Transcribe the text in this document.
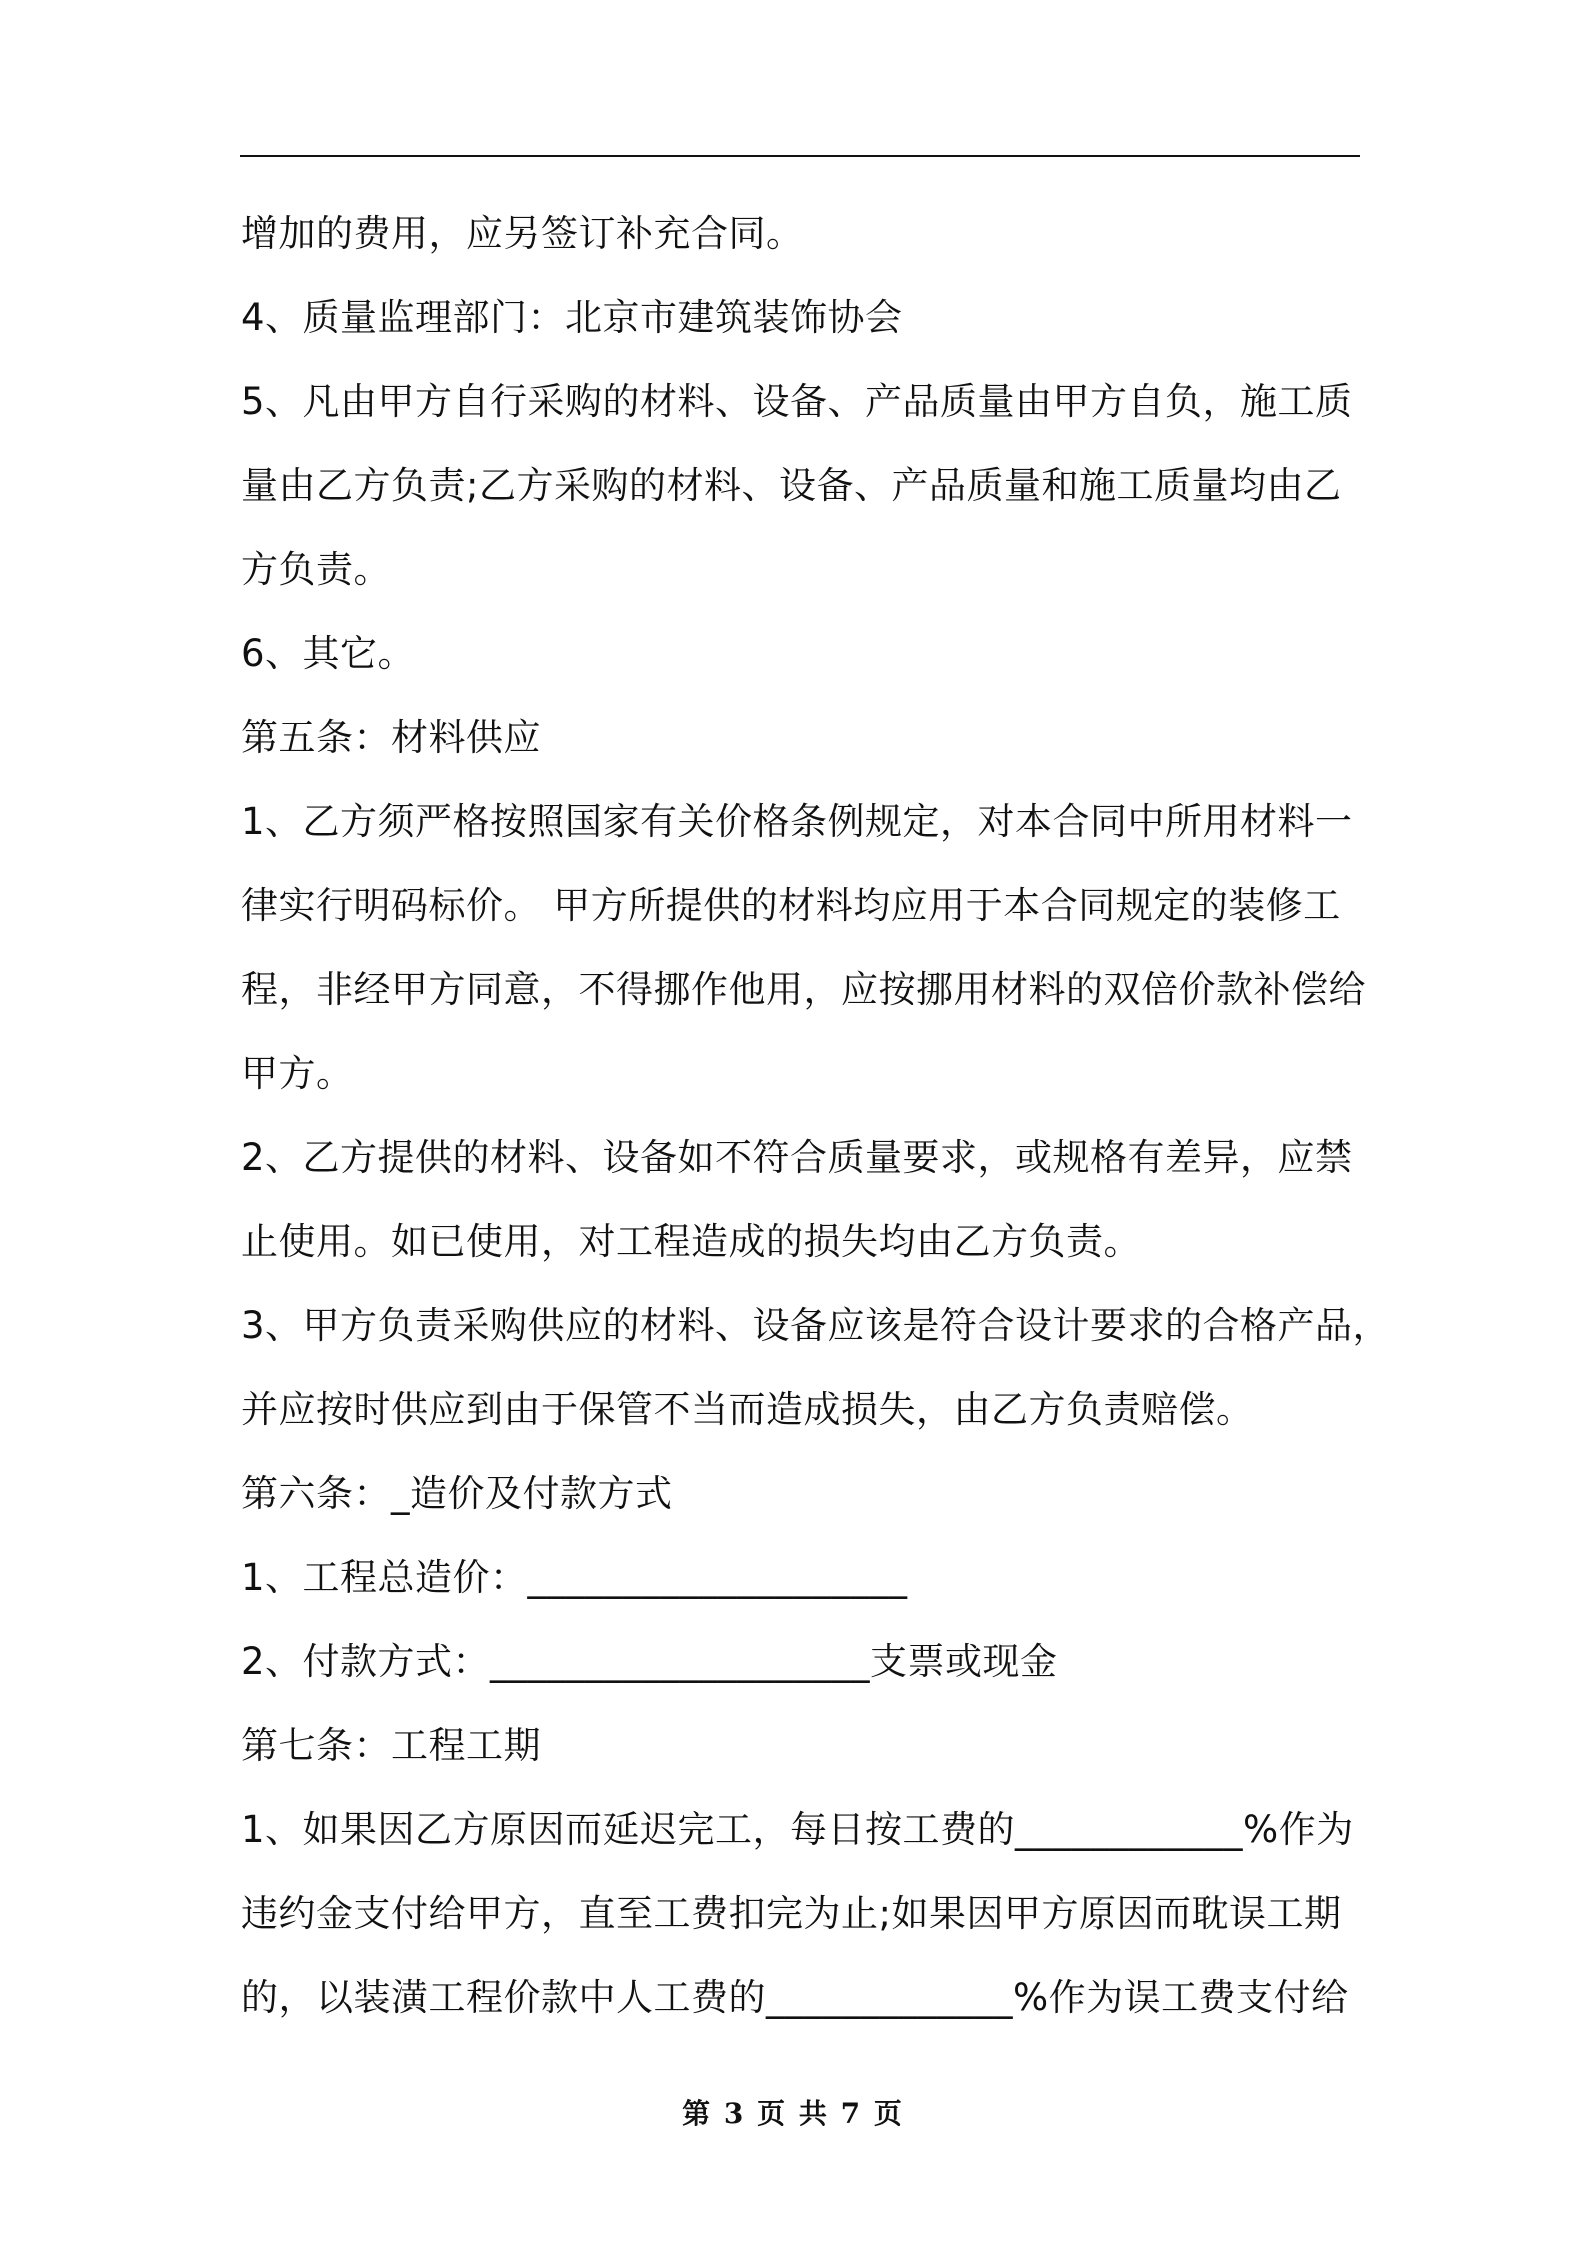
增加的费用，应另签订补充合同。
4、质量监理部门：北京市建筑装饰协会
5、凡由甲方自行采购的材料、设备、产品质量由甲方自负，施工质
量由乙方负责;乙方采购的材料、设备、产品质量和施工质量均由乙
方负责。
6、其它。
第五条：材料供应
1、乙方须严格按照国家有关价格条例规定，对本合同中所用材料一
律实行明码标价。 甲方所提供的材料均应用于本合同规定的装修工
程，非经甲方同意，不得挪作他用，应按挪用材料的双倍价款补偿给
甲方。
2、乙方提供的材料、设备如不符合质量要求，或规格有差异，应禁
止使用。如已使用，对工程造成的损失均由乙方负责。
3、甲方负责采购供应的材料、设备应该是符合设计要求的合格产品，
并应按时供应到由于保管不当而造成损失，由乙方负责赔偿。
第六条：_造价及付款方式
1、工程总造价：____________________
2、付款方式：____________________支票或现金
第七条：工程工期
1、如果因乙方原因而延迟完工，每日按工费的____________%作为
违约金支付给甲方，直至工费扣完为止;如果因甲方原因而耽误工期
的，以装潢工程价款中人工费的_____________%作为误工费支付给
第 3 页 共 7 页
